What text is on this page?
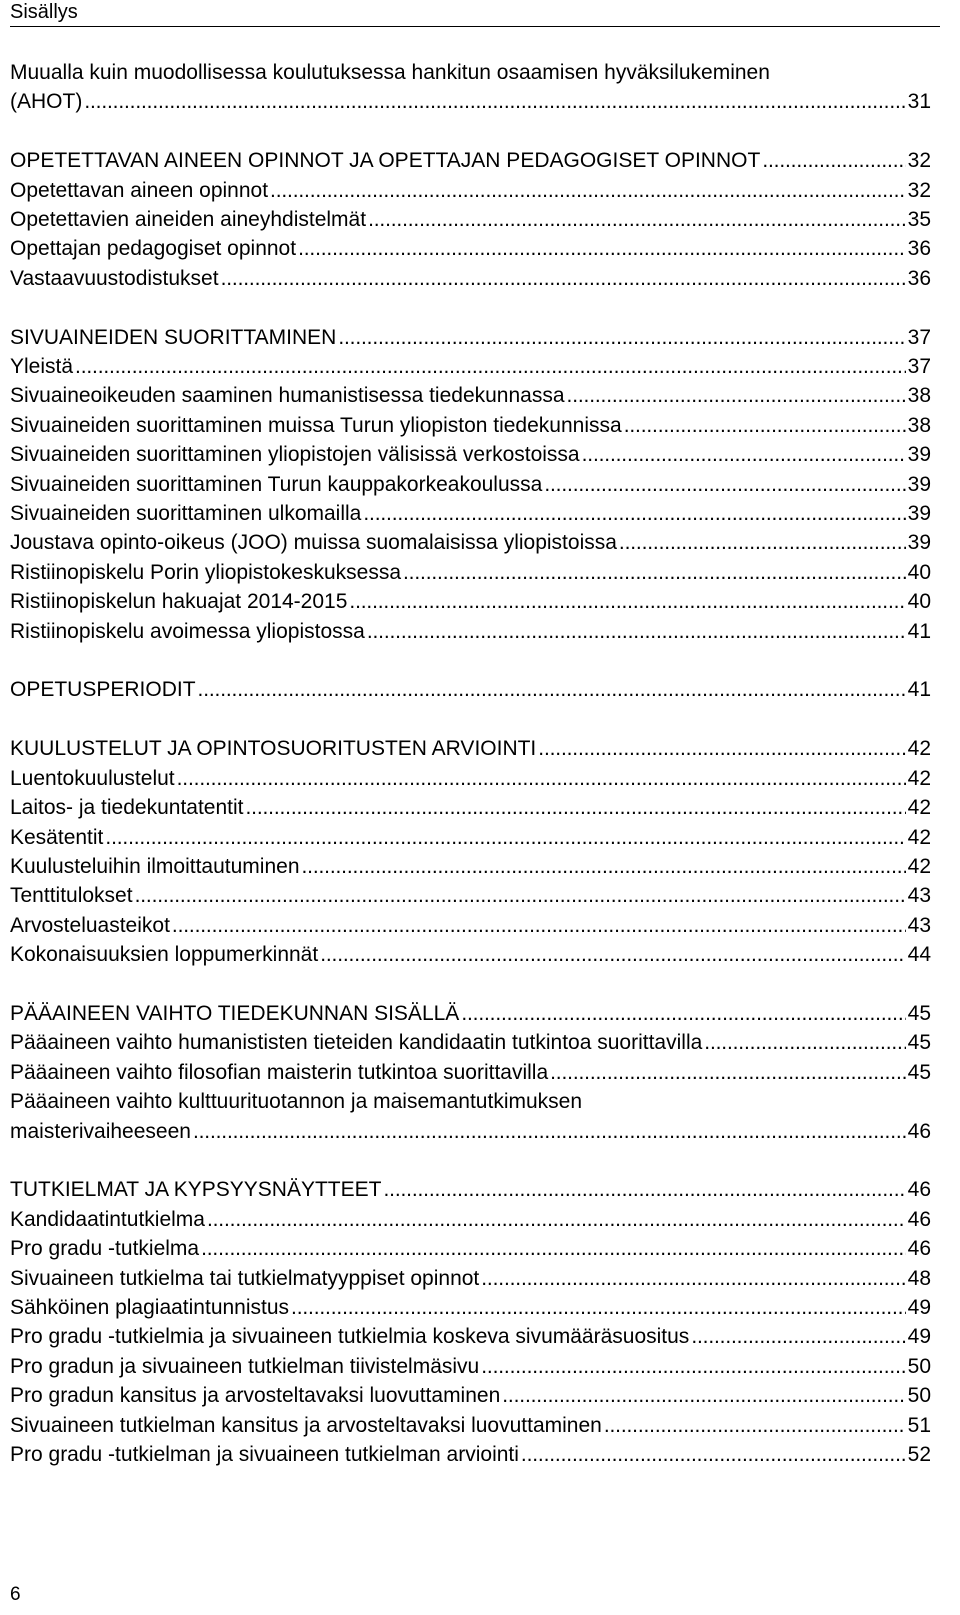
Sisällys
Muualla kuin muodollisessa koulutuksessa hankitun osaamisen hyväksilukeminen
(AHOT) . . .	31
OPETETTAVAN AINEEN OPINNOT JA OPETTAJAN PEDAGOGISET OPINNOT . . .	32
Opetettavan aineen opinnot . . .	32
Opetettavien aineiden aineyhdistelmät . . .	35
Opettajan pedagogiset opinnot . . .	36
Vastaavuustodistukset . . .	36
SIVUAINEIDEN SUORITTAMINEN . . .	37
Yleistä . . .	37
Sivuaineoikeuden saaminen humanistisessa tiedekunnassa . . .	38
Sivuaineiden suorittaminen muissa Turun yliopiston tiedekunnissa . . .	38
Sivuaineiden suorittaminen yliopistojen välisissä verkostoissa . . .	39
Sivuaineiden suorittaminen Turun kauppakorkeakoulussa . . .	39
Sivuaineiden suorittaminen ulkomailla . . .	39
Joustava opinto-oikeus (JOO) muissa suomalaisissa yliopistoissa . . .	39
Ristiinopiskelu Porin yliopistokeskuksessa . . .	40
Ristiinopiskelun hakuajat 2014-2015 . . .	40
Ristiinopiskelu avoimessa yliopistossa . . .	41
OPETUSPERIODIT . . .	41
KUULUSTELUT JA OPINTOSUORITUSTEN ARVIOINTI . . .	42
Luentokuulustelut . . .	42
Laitos- ja tiedekuntatentit . . .	42
Kesätentit . . .	42
Kuulusteluihin ilmoittautuminen . . .	42
Tenttitulokset . . .	43
Arvosteluasteikot . . .	43
Kokonaisuuksien loppumerkinnät . . .	44
PÄÄAINEEN VAIHTO TIEDEKUNNAN SISÄLLÄ . . .	45
Pääaineen vaihto humanististen tieteiden kandidaatin tutkintoa suorittavilla . . .	45
Pääaineen vaihto filosofian maisterin tutkintoa suorittavilla . . .	45
Pääaineen vaihto kulttuurituotannon ja maisemantutkimuksen
maisterivaiheeseen . . .	46
TUTKIELMAT JA KYPSYYSNÄYTTEET . . .	46
Kandidaatintutkielma . . .	46
Pro gradu -tutkielma . . .	46
Sivuaineen tutkielma tai tutkielmatyyppiset opinnot . . .	48
Sähköinen plagiaatintunnistus . . .	49
Pro gradu -tutkielmia ja sivuaineen tutkielmia koskeva sivumääräsuositus . . .	49
Pro gradun ja sivuaineen tutkielman tiivistelmäsivu . . .	50
Pro gradun kansitus ja arvosteltavaksi luovuttaminen . . .	50
Sivuaineen tutkielman kansitus ja arvosteltavaksi luovuttaminen . . .	51
Pro gradu -tutkielman ja sivuaineen tutkielman arviointi . . .	52
6
